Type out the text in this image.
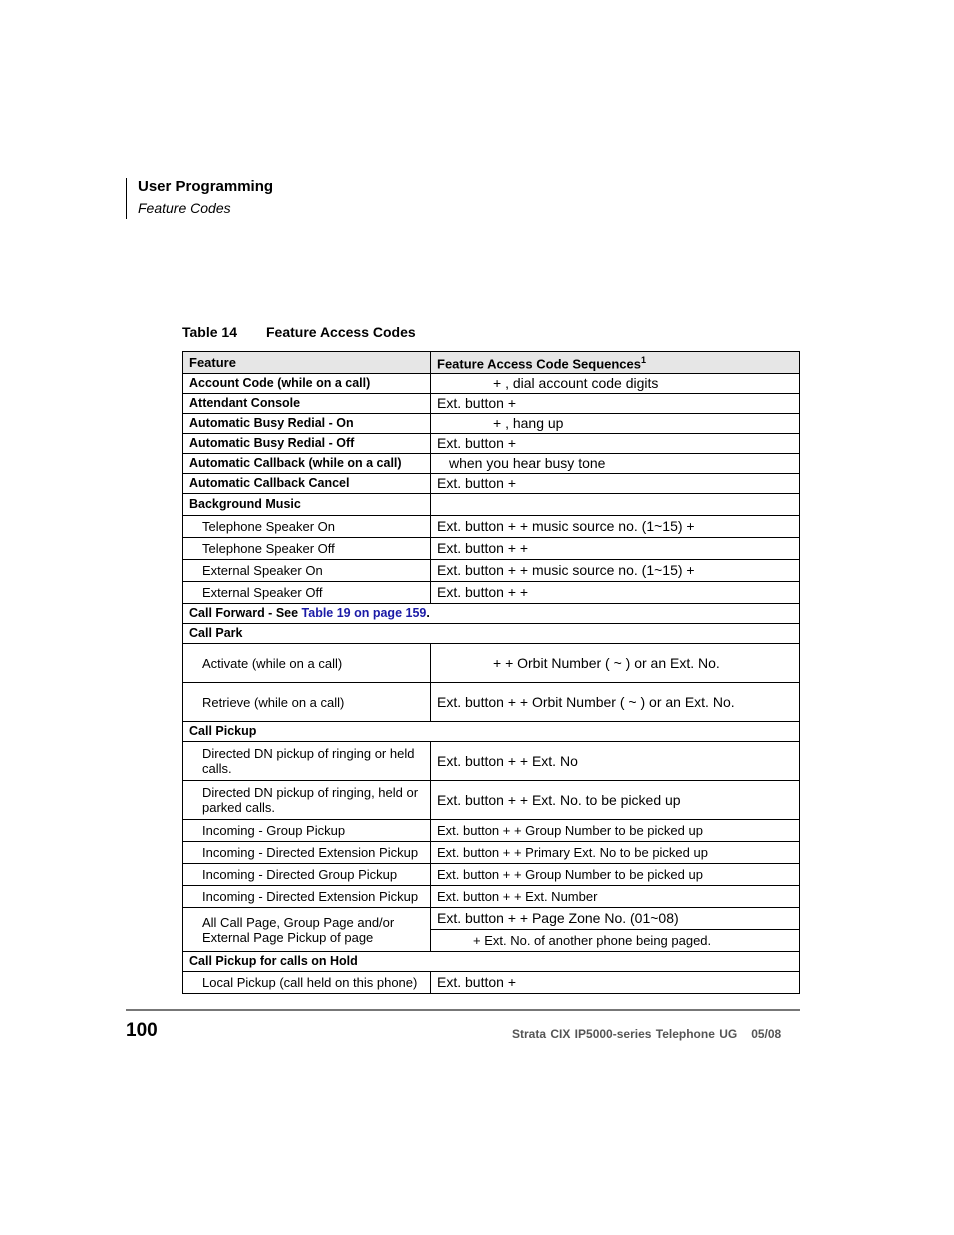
User Programming
Feature Codes
Table 14 Feature Access Codes
Feature	Feature Access Code Sequences$^1$
Account Code (while on a call)	+ , dial account code digits
Attendant Console	Ext. button +
Automatic Busy Redial - On	+ , hang up
Automatic Busy Redial - Off	Ext. button +
Automatic Callback (while on a call)	when you hear busy tone
Automatic Callback Cancel	Ext. button +
Background Music	
Telephone Speaker On	Ext. button + + music source no. (1~15) +
Telephone Speaker Off	Ext. button + +
External Speaker On	Ext. button + + music source no. (1~15) +
External Speaker Off	Ext. button + +
Call Forward - See Table 19 on page 159.	
Call Park	
Activate (while on a call)	+ + Orbit Number ( ~ ) or an Ext. No.
Retrieve (while on a call)	Ext. button + + Orbit Number ( ~ ) or an Ext. No.
Call Pickup	
Directed DN pickup of ringing or held calls.	Ext. button + + Ext. No
Directed DN pickup of ringing, held or parked calls.	Ext. button + + Ext. No. to be picked up
Incoming - Group Pickup	Ext. button + + Group Number to be picked up
Incoming - Directed Extension Pickup	Ext. button + + Primary Ext. No to be picked up
Incoming - Directed Group Pickup	Ext. button + + Group Number to be picked up
Incoming - Directed Extension Pickup	Ext. button + + Ext. Number
All Call Page, Group Page and/or External Page Pickup of page	Ext. button + + Page Zone No. (01~08)
	+ Ext. No. of another phone being paged.
Call Pickup for calls on Hold	
Local Pickup (call held on this phone)	Ext. button +
100	Strata CIX IP5000-series Telephone UG 05/08
